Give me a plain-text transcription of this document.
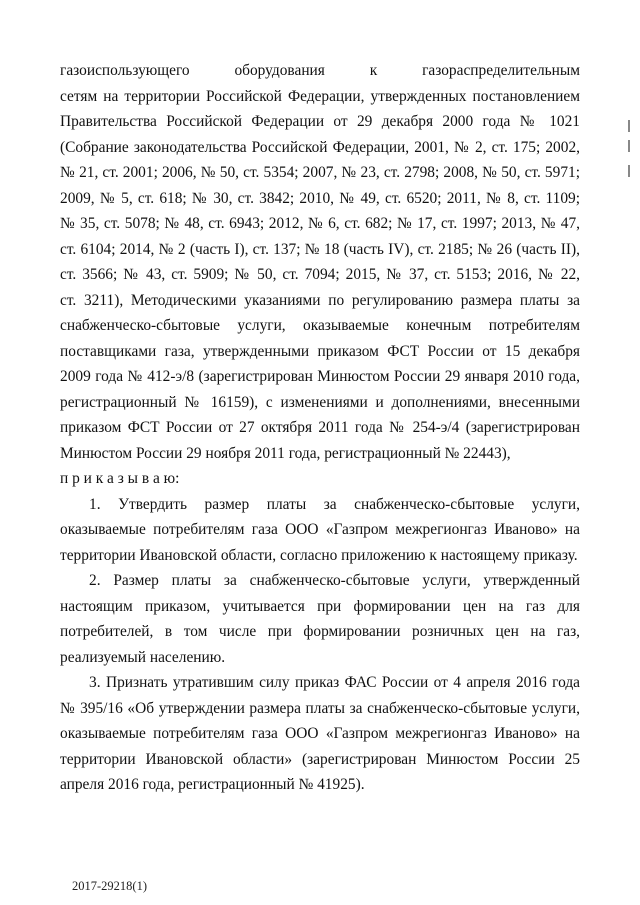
газоиспользующего оборудования к газораспределительным
сетям на территории Российской Федерации, утвержденных постановлением
Правительства Российской Федерации от 29 декабря 2000 года № 1021
(Собрание законодательства Российской Федерации, 2001, № 2, ст. 175; 2002,
№ 21, ст. 2001; 2006, № 50, ст. 5354; 2007, № 23, ст. 2798; 2008, № 50, ст. 5971;
2009, № 5, ст. 618; № 30, ст. 3842; 2010, № 49, ст. 6520; 2011, № 8, ст. 1109;
№ 35, ст. 5078; № 48, ст. 6943; 2012, № 6, ст. 682; № 17, ст. 1997; 2013, № 47,
ст. 6104; 2014, № 2 (часть I), ст. 137; № 18 (часть IV), ст. 2185; № 26 (часть II),
ст. 3566; № 43, ст. 5909; № 50, ст. 7094; 2015, № 37, ст. 5153; 2016, № 22,
ст. 3211), Методическими указаниями по регулированию размера платы за
снабженческо-сбытовые услуги, оказываемые конечным потребителям
поставщиками газа, утвержденными приказом ФСТ России от 15 декабря
2009 года № 412-э/8 (зарегистрирован Минюстом России 29 января 2010 года,
регистрационный № 16159), с изменениями и дополнениями, внесенными
приказом ФСТ России от 27 октября 2011 года № 254-э/4 (зарегистрирован
Минюстом России 29 ноября 2011 года, регистрационный № 22443),
п р и к а з ы в а ю:
1. Утвердить размер платы за снабженческо-сбытовые услуги,
оказываемые потребителям газа ООО «Газпром межрегионгаз Иваново» на
территории Ивановской области, согласно приложению к настоящему приказу.
2. Размер платы за снабженческо-сбытовые услуги, утвержденный
настоящим приказом, учитывается при формировании цен на газ для
потребителей, в том числе при формировании розничных цен на газ,
реализуемый населению.
3. Признать утратившим силу приказ ФАС России от 4 апреля 2016 года
№ 395/16 «Об утверждении размера платы за снабженческо-сбытовые услуги,
оказываемые потребителям газа ООО «Газпром межрегионгаз Иваново» на
территории Ивановской области» (зарегистрирован Минюстом России 25
апреля 2016 года, регистрационный № 41925).
2017-29218(1)
